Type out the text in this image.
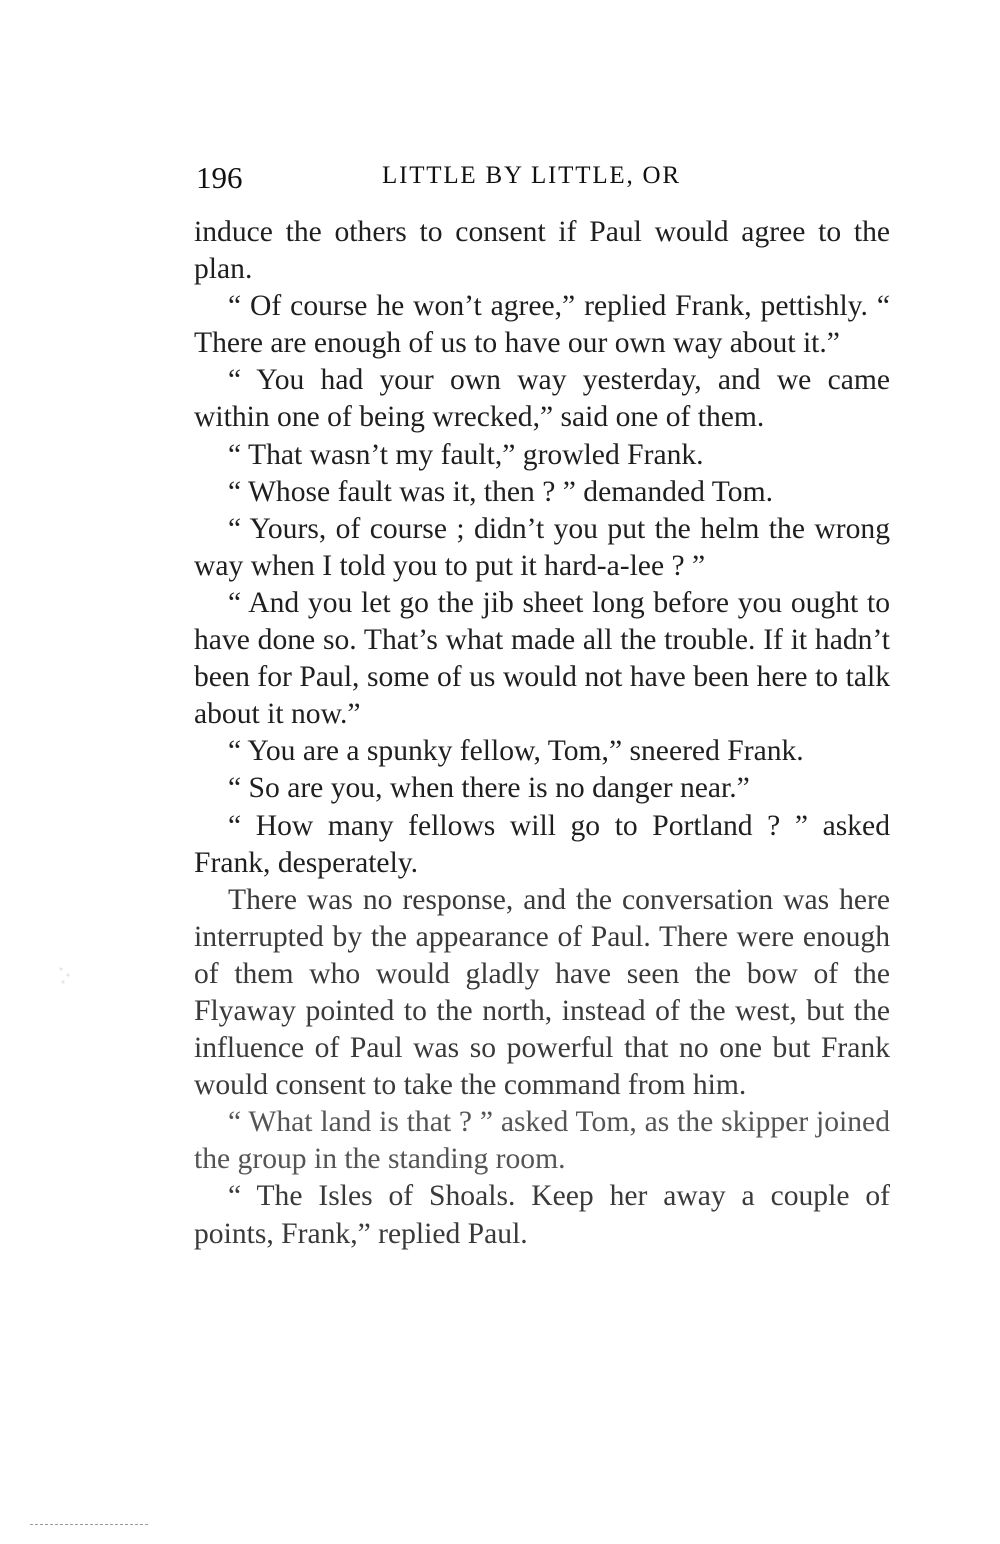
196	LITTLE BY LITTLE, OR

induce the others to consent if Paul would agree to the plan.

“ Of course he won’t agree,” replied Frank, pettishly. “ There are enough of us to have our own way about it.”

“ You had your own way yesterday, and we came within one of being wrecked,” said one of them.

“ That wasn’t my fault,” growled Frank.

“ Whose fault was it, then ? ” demanded Tom.

“ Yours, of course ; didn’t you put the helm the wrong way when I told you to put it hard-a-lee ? ”

“ And you let go the jib sheet long before you ought to have done so. That’s what made all the trouble. If it hadn’t been for Paul, some of us would not have been here to talk about it now.”

“ You are a spunky fellow, Tom,” sneered Frank.

“ So are you, when there is no danger near.”

“ How many fellows will go to Portland ? ” asked Frank, desperately.

There was no response, and the conversation was here interrupted by the appearance of Paul. There were enough of them who would gladly have seen the bow of the Flyaway pointed to the north, instead of the west, but the influence of Paul was so powerful that no one but Frank would consent to take the command from him.

“ What land is that ? ” asked Tom, as the skipper joined the group in the standing room.

“ The Isles of Shoals. Keep her away a couple of points, Frank,” replied Paul.
